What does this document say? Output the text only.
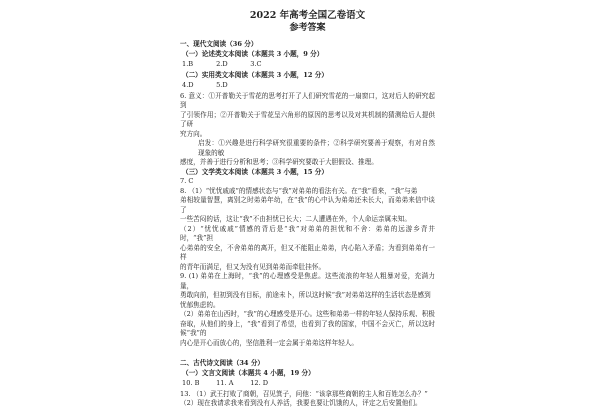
2022 年高考全国乙卷语文
参考答案
一、现代文阅读（36 分）
（一）论述类文本阅读（本题共 3 小题，9 分）
1.B	2.D	3.C
（二）实用类文本阅读（本题共 3 小题，12 分）
4.D	5.D
6. 意义：①开普勒关于雪花的思考打开了人们研究雪花的一扇窗口，这对后人的研究起到
了引领作用；②开普勒关于雪花呈六角形的原因的思考以及对其机制的猜测给后人提供了研
究方向。
启发：①兴趣是进行科学研究很重要的条件；②科学研究要善于观察，有对自然现象的敏
感度，并善于进行分析和思考；③科学研究要敢于大胆假设、推理。
（三）文学类文本阅读（本题共 3 小题，15 分）
7. C
8. （1）“忧忧戚戚”的情感状态与“我”对弟弟的看法有关。在“我”看来，“我”与弟
弟相较量智慧，离别之时弟弟年幼，在“我”的心中认为弟弟还未长大，而弟弟来信中谈了
一些苦闷的话，这让“我”不由担忧已长大；二人遭遇在外，个人命运亲属未知。
（2）“忧忧戚戚”情感的背后是“我”对弟弟的担忧和不舍：弟弟的远游乡背井时，“我”担
心弟弟的安全，不舍弟弟的离开，但又不能阻止弟弟，内心陷入矛盾；为看到弟弟有一样
的青年而满足，但又为没有见到弟弟而牵肚挂怀。
9. (1) 弟弟在上海时，“我”的心理感受是焦虑。这些流浪的年轻人粗暴对爱，充满力量，
勇敢向前，但初到没有目标，前途未卜，所以这时候“我”对弟弟这样的生活状态是感到
忧郁焦虑的。
（2）弟弟在山西时，“我”的心理感受是开心。这些和弟弟一样的年轻人保持乐观、积极
奋取，从他们的身上，“我”看到了希望，也看到了我的国家，中国不会灭亡，所以这时候“我”的
内心是开心而放心的，坚信胜利一定会属于弟弟这样年轻人。
二、古代诗文阅读（34 分）
（一）文言文阅读（本题共 4 小题，19 分）
10. B	11. A	12. D
13. （1）武王打败了商朝，召见箕子，问他：“该拿那些商朝的主人和百姓怎么办？”
（2）现在我请求我来看到没有人养活，我要也要让饥饿的人，评定之后安置他们。
